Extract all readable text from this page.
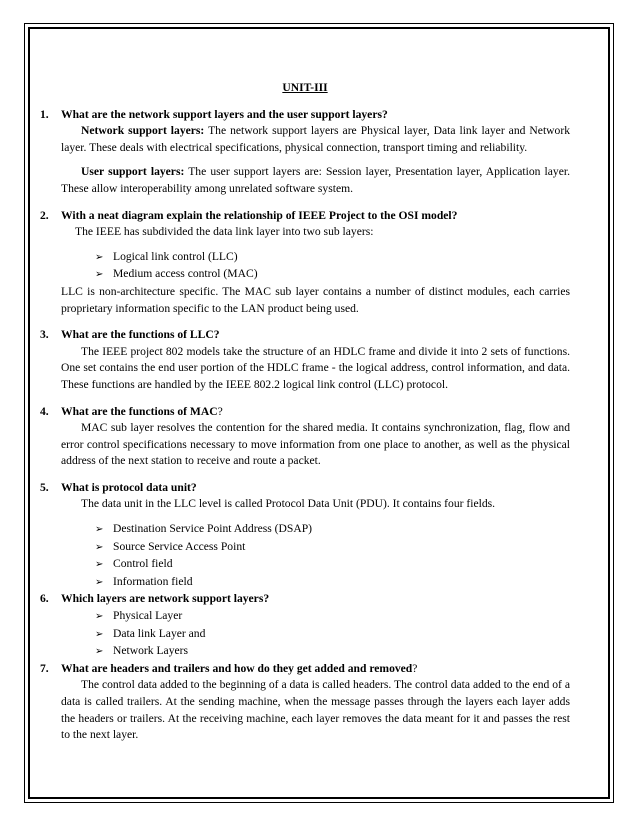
UNIT-III

1.	What are the network support layers and the user support layers?

Network support layers: The network support layers are Physical layer, Data link layer and Network layer. These deals with electrical specifications, physical connection, transport timing and reliability.

User support layers: The user support layers are: Session layer, Presentation layer, Application layer. These allow interoperability among unrelated software system.

2.	With a neat diagram explain the relationship of IEEE Project to the OSI model?

The IEEE has subdivided the data link layer into two sub layers:

➢ Logical link control (LLC)
➢ Medium access control (MAC)

LLC is non-architecture specific. The MAC sub layer contains a number of distinct modules, each carries proprietary information specific to the LAN product being used.

3.	What are the functions of LLC?

The IEEE project 802 models take the structure of an HDLC frame and divide it into 2 sets of functions. One set contains the end user portion of the HDLC frame - the logical address, control information, and data. These functions are handled by the IEEE 802.2 logical link control (LLC) protocol.

4.	What are the functions of MAC?

MAC sub layer resolves the contention for the shared media. It contains synchronization, flag, flow and error control specifications necessary to move information from one place to another, as well as the physical address of the next station to receive and route a packet.

5.	What is protocol data unit?

The data unit in the LLC level is called Protocol Data Unit (PDU). It contains four fields.

➢ Destination Service Point Address (DSAP)
➢ Source Service Access Point
➢ Control field
➢ Information field
6.	Which layers are network support layers?
➢ Physical Layer
➢ Data link Layer and
➢ Network Layers
7.	What are headers and trailers and how do they get added and removed?

The control data added to the beginning of a data is called headers. The control data added to the end of a data is called trailers. At the sending machine, when the message passes through the layers each layer adds the headers or trailers. At the receiving machine, each layer removes the data meant for it and passes the rest to the next layer.
